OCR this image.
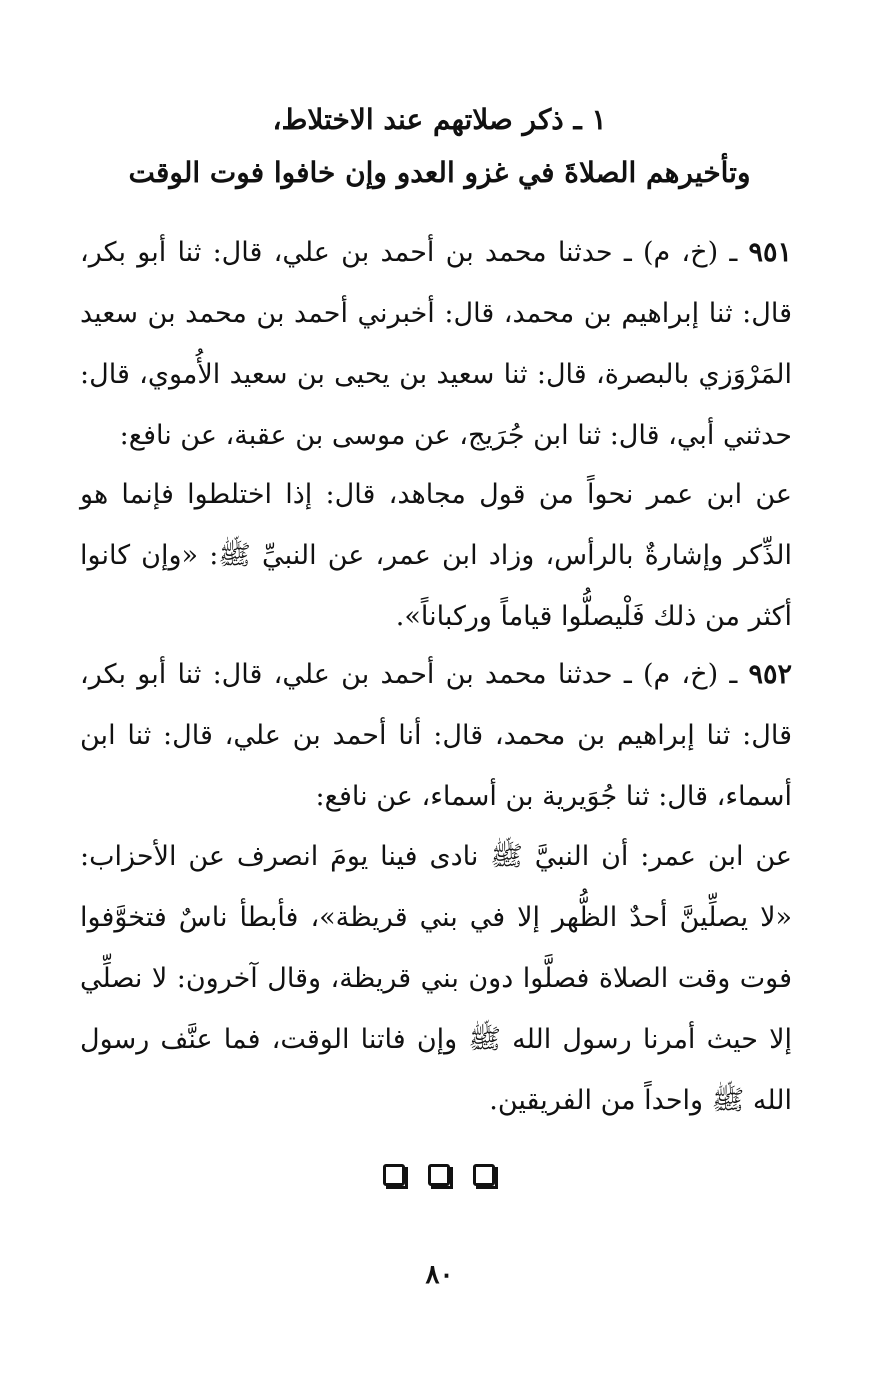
١ ـ ذكر صلاتهم عند الاختلاط،
وتأخيرهم الصلاةَ في غزو العدو وإن خافوا فوت الوقت

٩٥١ ـ (خ، م) ـ حدثنا محمد بن أحمد بن علي، قال: ثنا أبو بكر، قال: ثنا إبراهيم بن محمد، قال: أخبرني أحمد بن محمد بن سعيد المَرْوَزي بالبصرة، قال: ثنا سعيد بن يحيى بن سعيد الأُموي، قال: حدثني أبي، قال: ثنا ابن جُرَيج، عن موسى بن عقبة، عن نافع:

عن ابن عمر نحواً من قول مجاهد، قال: إذا اختلطوا فإنما هو الذِّكر وإشارةٌ بالرأس، وزاد ابن عمر، عن النبيِّ ﷺ: «وإن كانوا أكثر من ذلك فَلْيصلُّوا قياماً وركباناً».

٩٥٢ ـ (خ، م) ـ حدثنا محمد بن أحمد بن علي، قال: ثنا أبو بكر، قال: ثنا إبراهيم بن محمد، قال: أنا أحمد بن علي، قال: ثنا ابن أسماء، قال: ثنا جُوَيرية بن أسماء، عن نافع:

عن ابن عمر: أن النبيَّ ﷺ نادى فينا يومَ انصرف عن الأحزاب: «لا يصلِّينَّ أحدٌ الظُّهر إلا في بني قريظة»، فأبطأ ناسٌ فتخوَّفوا فوت وقت الصلاة فصلَّوا دون بني قريظة، وقال آخرون: لا نصلِّي إلا حيث أمرنا رسول الله ﷺ وإن فاتنا الوقت، فما عنَّف رسول الله ﷺ واحداً من الفريقين.

٨٠
